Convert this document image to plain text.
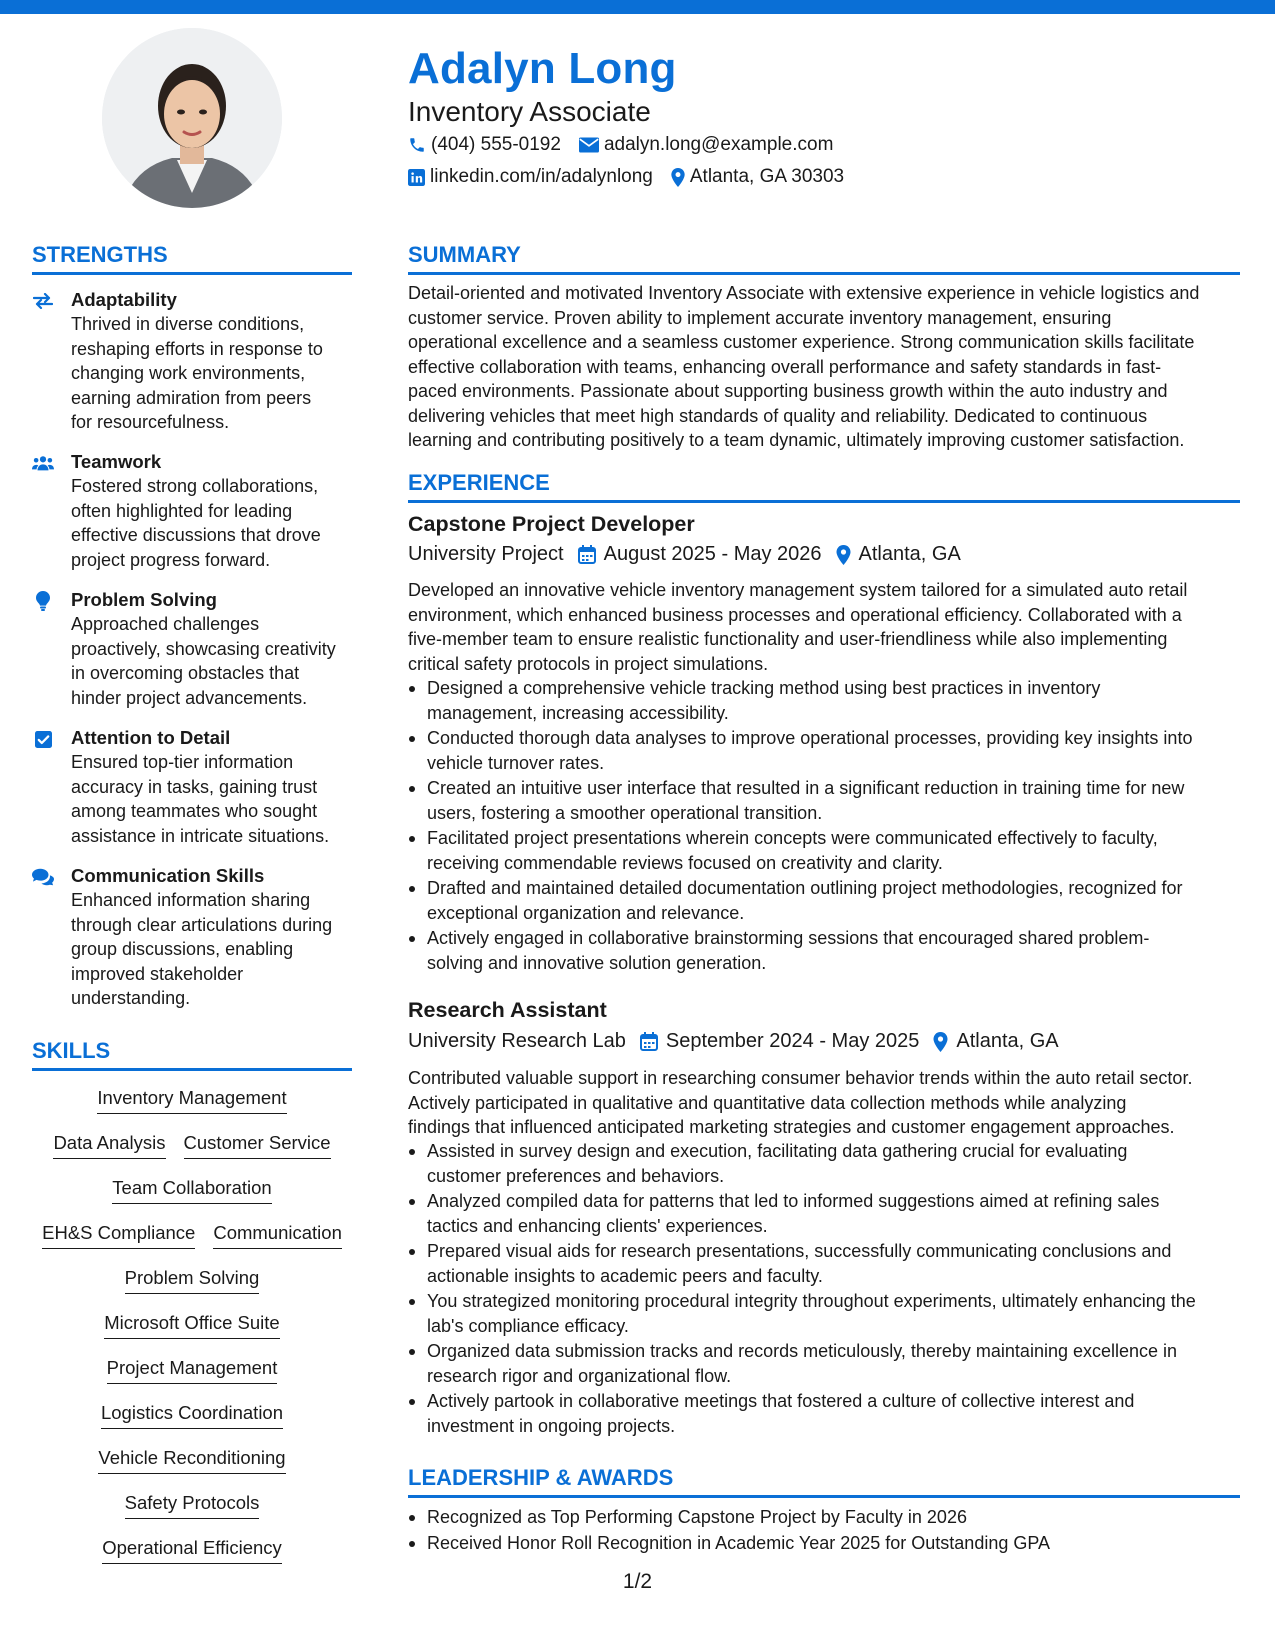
Adalyn Long
Inventory Associate
(404) 555-0192 adalyn.long@example.com
linkedin.com/in/adalynlong Atlanta, GA 30303
STRENGTHS
Adaptability
Thrived in diverse conditions,
reshaping efforts in response to
changing work environments,
earning admiration from peers
for resourcefulness.
Teamwork
Fostered strong collaborations,
often highlighted for leading
effective discussions that drove
project progress forward.
Problem Solving
Approached challenges
proactively, showcasing creativity
in overcoming obstacles that
hinder project advancements.
Attention to Detail
Ensured top-tier information
accuracy in tasks, gaining trust
among teammates who sought
assistance in intricate situations.
Communication Skills
Enhanced information sharing
through clear articulations during
group discussions, enabling
improved stakeholder
understanding.
SKILLS
Inventory Management
Data Analysis Customer Service
Team Collaboration
EH&S Compliance Communication
Problem Solving
Microsoft Office Suite
Project Management
Logistics Coordination
Vehicle Reconditioning
Safety Protocols
Operational Efficiency
SUMMARY
Detail-oriented and motivated Inventory Associate with extensive experience in vehicle logistics and
customer service. Proven ability to implement accurate inventory management, ensuring
operational excellence and a seamless customer experience. Strong communication skills facilitate
effective collaboration with teams, enhancing overall performance and safety standards in fast-
paced environments. Passionate about supporting business growth within the auto industry and
delivering vehicles that meet high standards of quality and reliability. Dedicated to continuous
learning and contributing positively to a team dynamic, ultimately improving customer satisfaction.
EXPERIENCE
Capstone Project Developer
University Project August 2025 - May 2026 Atlanta, GA
Developed an innovative vehicle inventory management system tailored for a simulated auto retail
environment, which enhanced business processes and operational efficiency. Collaborated with a
five-member team to ensure realistic functionality and user-friendliness while also implementing
critical safety protocols in project simulations.
Designed a comprehensive vehicle tracking method using best practices in inventory
management, increasing accessibility.
Conducted thorough data analyses to improve operational processes, providing key insights into
vehicle turnover rates.
Created an intuitive user interface that resulted in a significant reduction in training time for new
users, fostering a smoother operational transition.
Facilitated project presentations wherein concepts were communicated effectively to faculty,
receiving commendable reviews focused on creativity and clarity.
Drafted and maintained detailed documentation outlining project methodologies, recognized for
exceptional organization and relevance.
Actively engaged in collaborative brainstorming sessions that encouraged shared problem-
solving and innovative solution generation.
Research Assistant
University Research Lab September 2024 - May 2025 Atlanta, GA
Contributed valuable support in researching consumer behavior trends within the auto retail sector.
Actively participated in qualitative and quantitative data collection methods while analyzing
findings that influenced anticipated marketing strategies and customer engagement approaches.
Assisted in survey design and execution, facilitating data gathering crucial for evaluating
customer preferences and behaviors.
Analyzed compiled data for patterns that led to informed suggestions aimed at refining sales
tactics and enhancing clients' experiences.
Prepared visual aids for research presentations, successfully communicating conclusions and
actionable insights to academic peers and faculty.
You strategized monitoring procedural integrity throughout experiments, ultimately enhancing the
lab's compliance efficacy.
Organized data submission tracks and records meticulously, thereby maintaining excellence in
research rigor and organizational flow.
Actively partook in collaborative meetings that fostered a culture of collective interest and
investment in ongoing projects.
LEADERSHIP & AWARDS
Recognized as Top Performing Capstone Project by Faculty in 2026
Received Honor Roll Recognition in Academic Year 2025 for Outstanding GPA
1/2
